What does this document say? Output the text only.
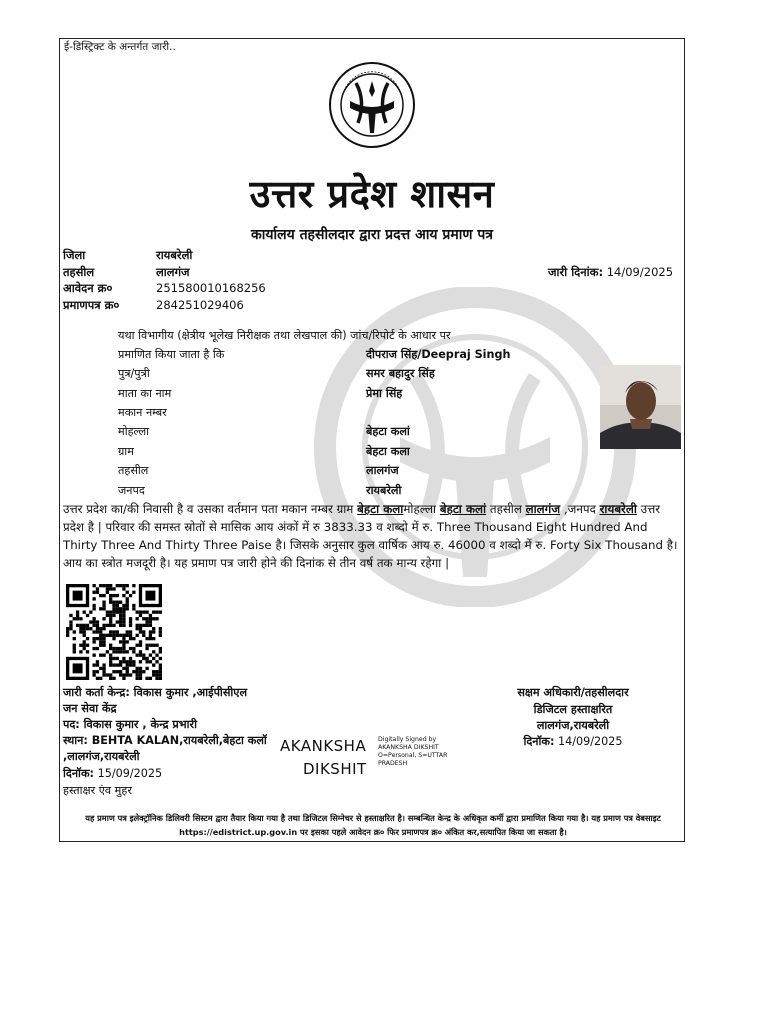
ई-डिस्ट्रिक्ट के अन्तर्गत जारी..
उत्तर प्रदेश शासन
कार्यालय तहसीलदार द्वारा प्रदत्त आय प्रमाण पत्र
जिला	रायबरेली
तहसील	लालगंज
आवेदन क्र०	251580010168256
प्रमाणपत्र क्र०	284251029406
जारी दिनांक: 14/09/2025
यथा विभागीय (क्षेत्रीय भूलेख निरीक्षक तथा लेखपाल की) जांच/रिपोर्ट के आधार पर
प्रमाणित किया जाता है कि	दीपराज सिंह/Deepraj Singh
पुत्र/पुत्री	समर बहादुर सिंह
माता का नाम	प्रेमा सिंह
मकान नम्बर
मोहल्ला	बेहटा कलां
ग्राम	बेहटा कला
तहसील	लालगंज
जनपद	रायबरेली
उत्तर प्रदेश का/की निवासी है व उसका वर्तमान पता मकान नम्बर ग्राम बेहटा कलामोहल्ला बेहटा कलां तहसील लालगंज ,जनपद रायबरेली उत्तर प्रदेश है | परिवार की समस्त स्रोतों से मासिक आय अंकों में रु 3833.33 व शब्दो में रु. Three Thousand Eight Hundred And Thirty Three And Thirty Three Paise है। जिसके अनुसार कुल वार्षिक आय रु. 46000 व शब्दो में रु. Forty Six Thousand है। आय का स्त्रोत मजदूरी है। यह प्रमाण पत्र जारी होने की दिनांक से तीन वर्ष तक मान्य रहेगा |
जारी कर्ता केन्द्र: विकास कुमार ,आईपीसीएल
जन सेवा केंद्र
पद: विकास कुमार , केन्द्र प्रभारी
स्थान: BEHTA KALAN,रायबरेली,बेहटा कलॉ
,लालगंज,रायबरेली
दिनॉक: 15/09/2025
हस्ताक्षर एंव मुहर
AKANKSHA
DIKSHIT
Digitally Signed by AKANKSHA DIKSHIT O=Personal, S=UTTAR PRADESH
सक्षम अधिकारी/तहसीलदार
डिजिटल हस्ताक्षरित
लालगंज,रायबरेली
दिनॉक: 14/09/2025
यह प्रमाण पत्र इलेक्ट्रॉनिक डिलिवरी सिस्टम द्वारा तैयार किया गया है तथा डिजिटल सिग्नेचर से हस्ताक्षरित है। सम्बन्धित केन्द्र के अधिकृत कर्मी द्वारा प्रमाणित किया गया है। यह प्रमाण पत्र वेबसाइट https://edistrict.up.gov.in पर इसका पहले आवेदन क्र० फिर प्रमाणपत्र क्र० अंकित कर,सत्यापित किया जा सकता है।
